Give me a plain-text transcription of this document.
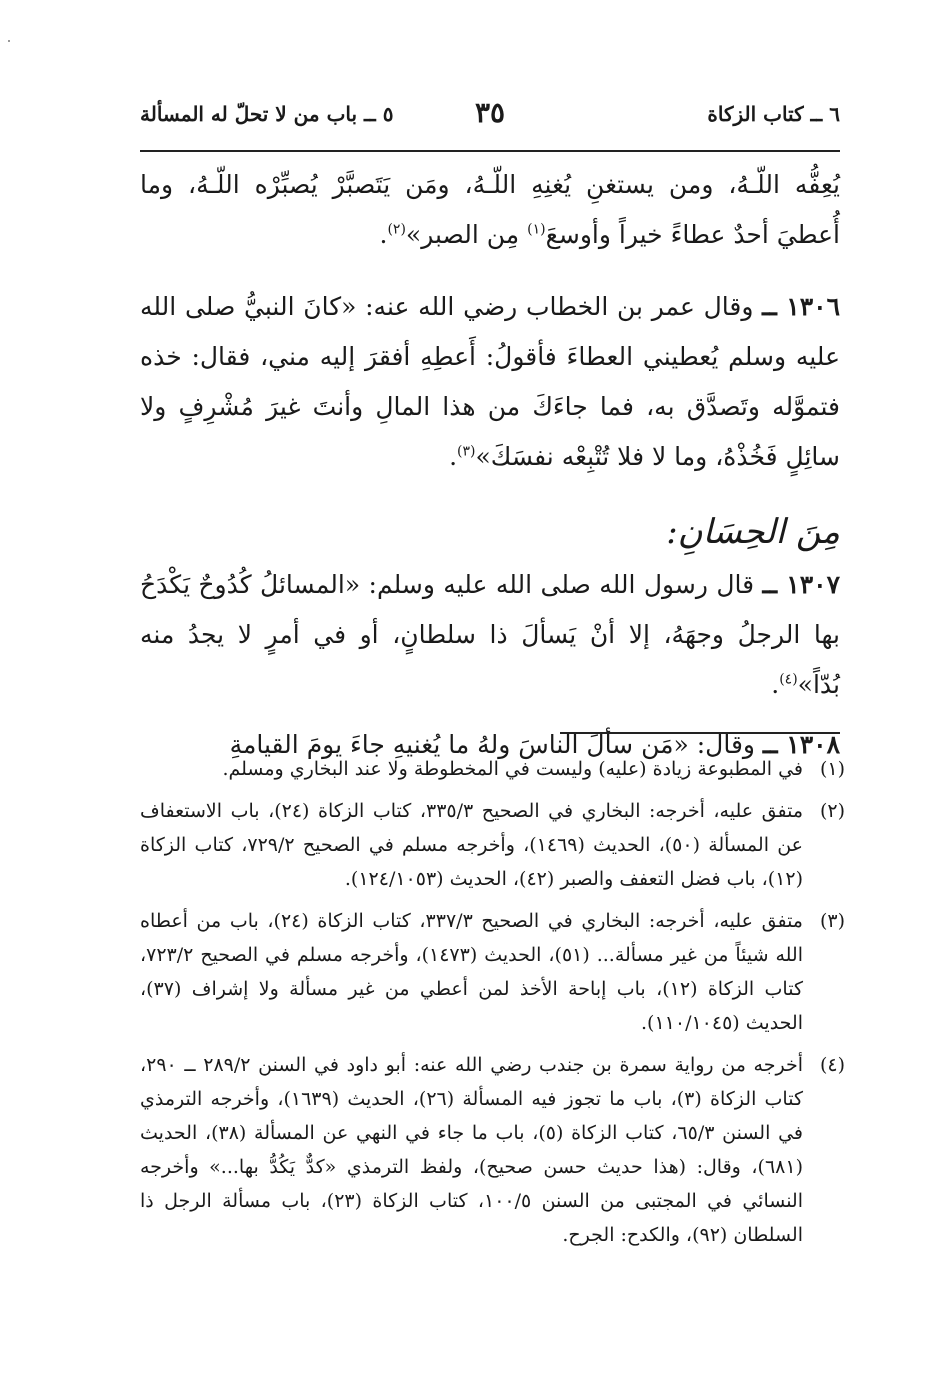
٦ ــ كتاب الزكاة
٣٥
٥ ــ باب من لا تحلّ له المسألة

يُعِفُّه اللّـهُ، ومن يستغنِ يُغنِهِ اللّـهُ، ومَن يَتَصبَّرْ يُصبِّرْه اللّـهُ، وما أُعطيَ أحدٌ عطاءً خيراً وأوسعَ$^{(١)}$ مِن الصبر»$^{(٢)}$.

١٣٠٦ ــ وقال عمر بن الخطاب رضي الله عنه: «كانَ النبيُّ صلى الله عليه وسلم يُعطيني العطاءَ فأقولُ: أَعطِهِ أفقرَ إليه مني، فقال: خذه فتموَّله وتَصدَّق به، فما جاءَكَ من هذا المالِ وأنتَ غيرَ مُشْرِفٍ ولا سائِلٍ فَخُذْهُ، وما لا فلا تُتْبِعْه نفسَكَ»$^{(٣)}$.

مِنَ الحِسَانِ:

١٣٠٧ ــ قال رسول الله صلى الله عليه وسلم: «المسائلُ كُدُوحٌ يَكْدَحُ بها الرجلُ وجهَهُ، إلا أنْ يَسألَ ذا سلطانٍ، أو في أمرٍ لا يجدُ منه بُدّاً»$^{(٤)}$.

١٣٠٨ ــ وقال: «مَن سألَ الناسَ ولهُ ما يُغنيهِ جاءَ يومَ القيامةِ

(١)
في المطبوعة زيادة (عليه) وليست في المخطوطة ولا عند البخاري ومسلم.
(٢)
متفق عليه، أخرجه: البخاري في الصحيح ٣٣٥/٣، كتاب الزكاة (٢٤)، باب الاستعفاف عن المسألة (٥٠)، الحديث (١٤٦٩)، وأخرجه مسلم في الصحيح ٧٢٩/٢، كتاب الزكاة (١٢)، باب فضل التعفف والصبر (٤٢)، الحديث (١٢٤/١٠٥٣).
(٣)
متفق عليه، أخرجه: البخاري في الصحيح ٣٣٧/٣، كتاب الزكاة (٢٤)، باب من أعطاه الله شيئاً من غير مسألة... (٥١)، الحديث (١٤٧٣)، وأخرجه مسلم في الصحيح ٧٢٣/٢، كتاب الزكاة (١٢)، باب إباحة الأخذ لمن أعطي من غير مسألة ولا إشراف (٣٧)، الحديث (١١٠/١٠٤٥).
(٤)
أخرجه من رواية سمرة بن جندب رضي الله عنه: أبو داود في السنن ٢٨٩/٢ ــ ٢٩٠، كتاب الزكاة (٣)، باب ما تجوز فيه المسألة (٢٦)، الحديث (١٦٣٩)، وأخرجه الترمذي في السنن ٦٥/٣، كتاب الزكاة (٥)، باب ما جاء في النهي عن المسألة (٣٨)، الحديث (٦٨١)، وقال: (هذا حديث حسن صحيح)، ولفظ الترمذي «كدٌّ يَكُدُّ بها...» وأخرجه النسائي في المجتبى من السنن ١٠٠/٥، كتاب الزكاة (٢٣)، باب مسألة الرجل ذا السلطان (٩٢)، والكدح: الجرح.
